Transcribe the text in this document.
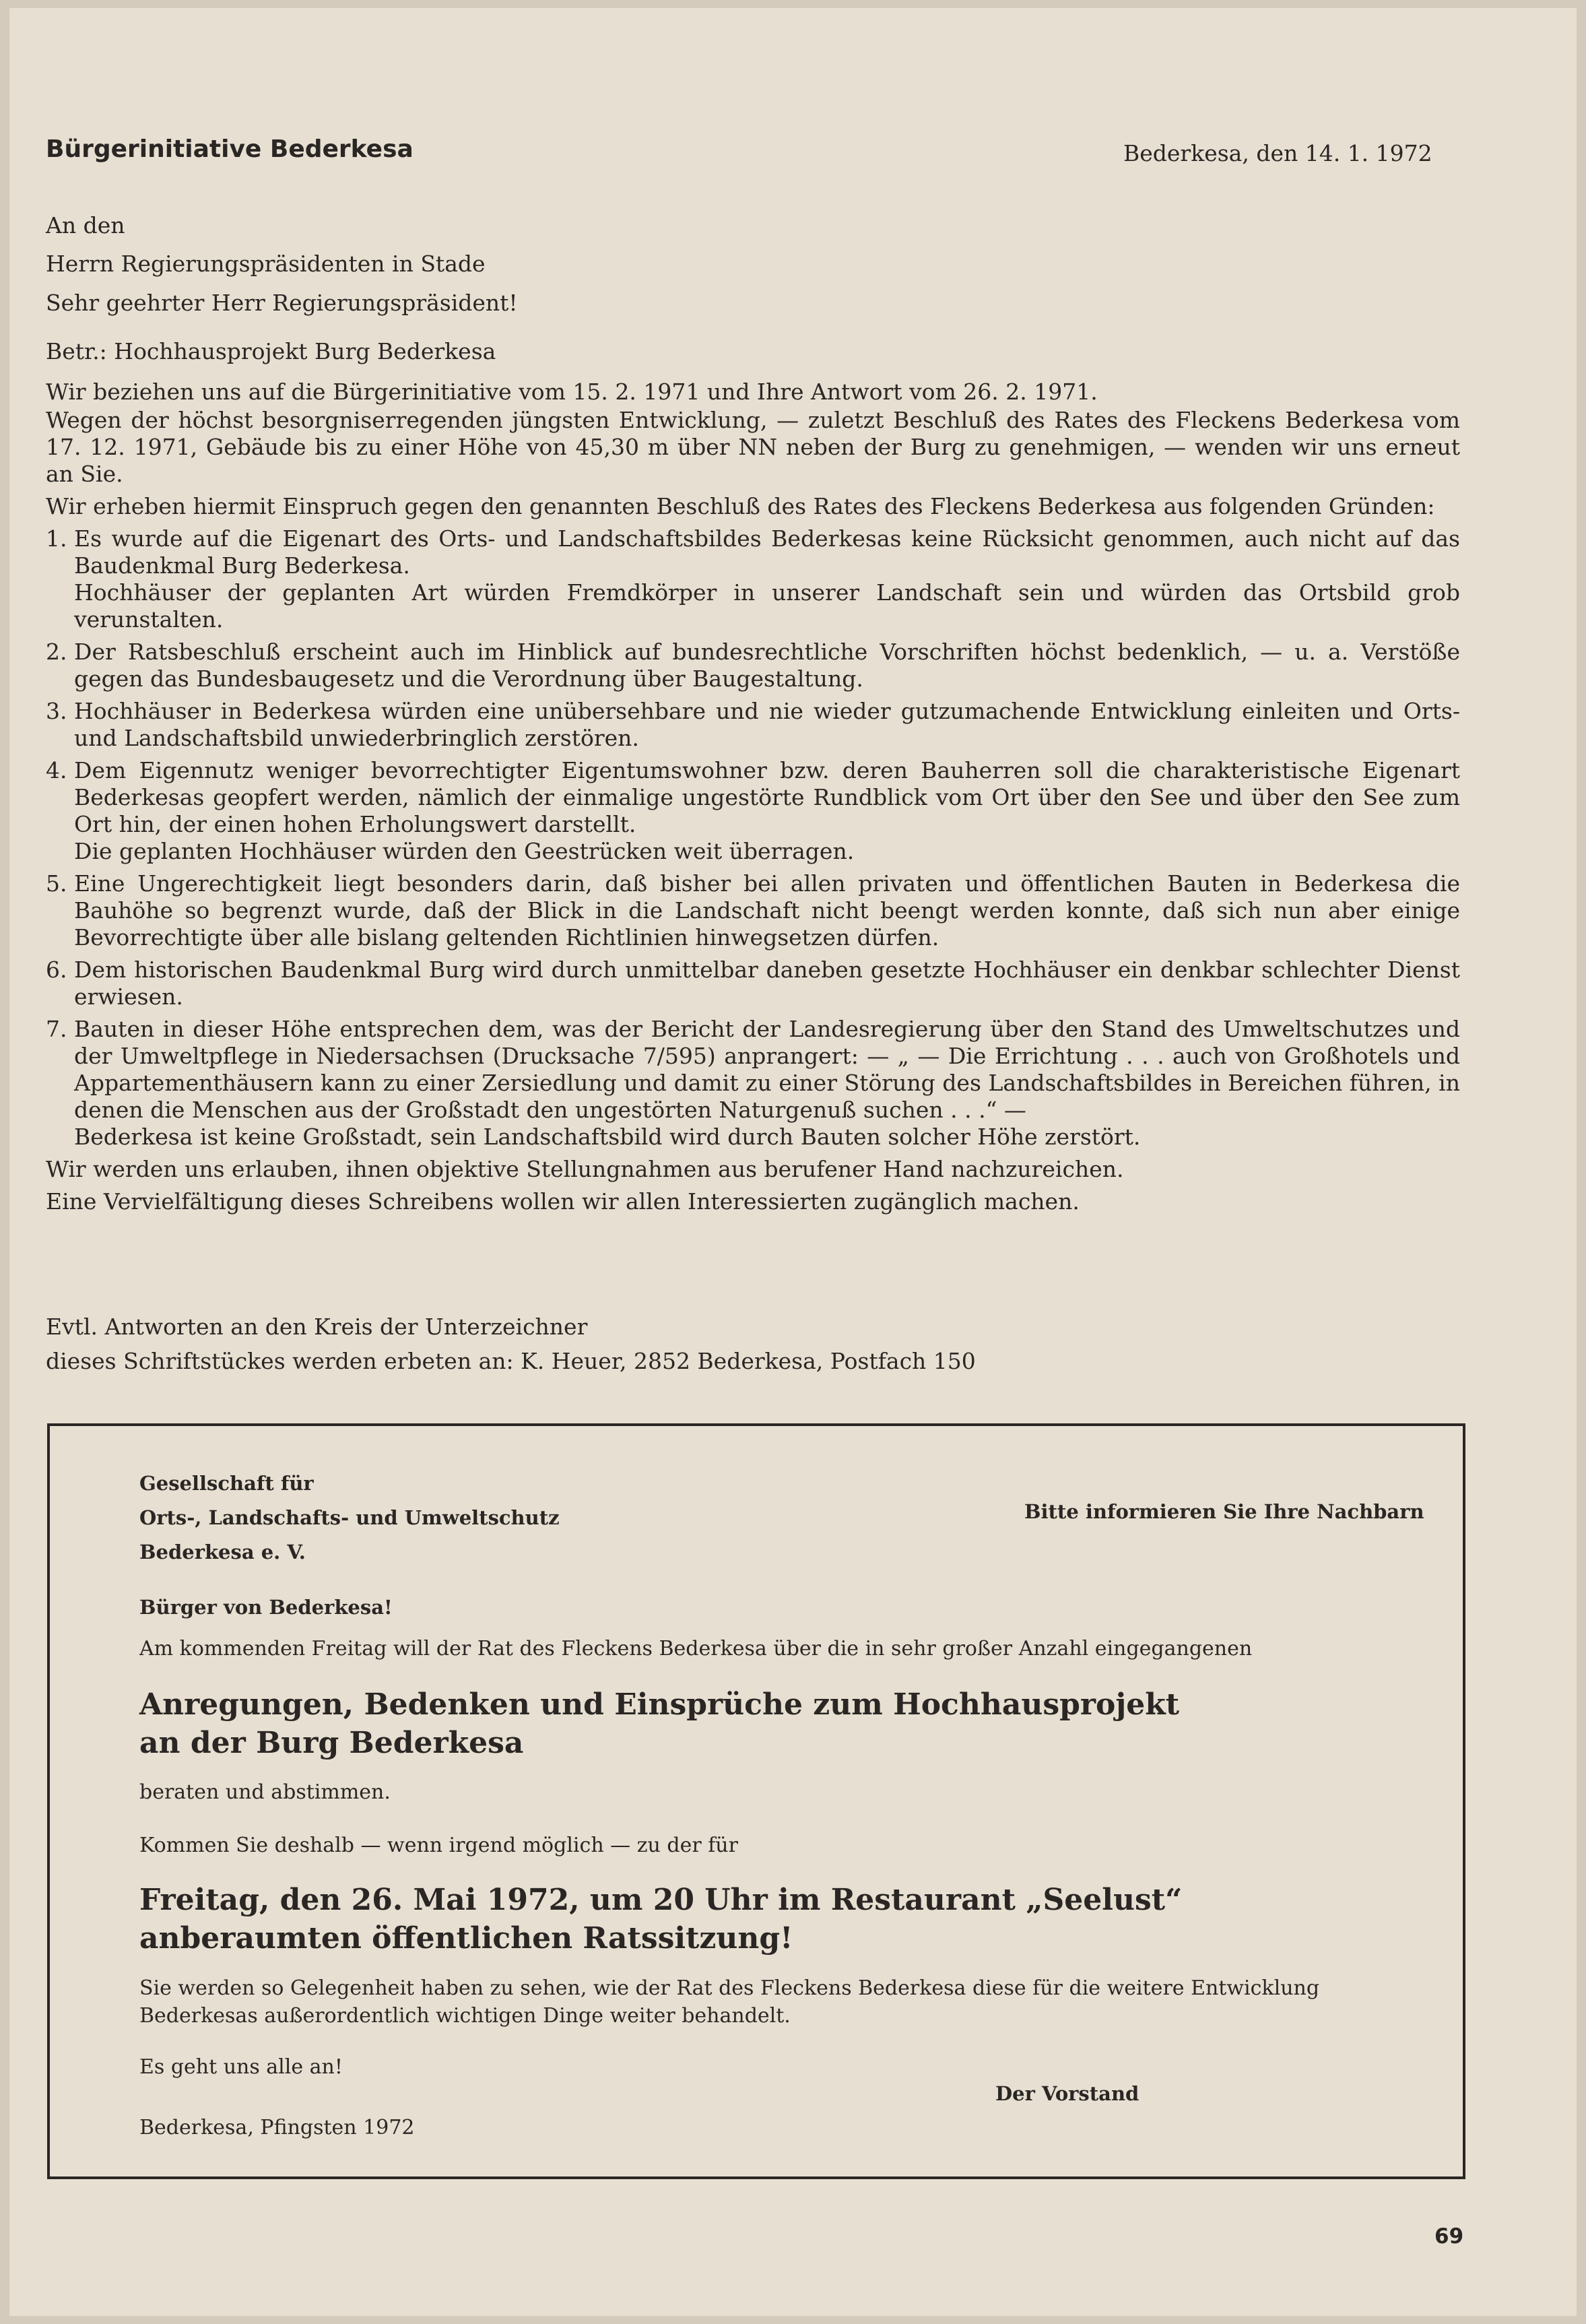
Bürgerinitiative Bederkesa	Bederkesa, den 14. 1. 1972
An den
Herrn Regierungspräsidenten in Stade
Sehr geehrter Herr Regierungspräsident!
Betr.: Hochhausprojekt Burg Bederkesa
Wir beziehen uns auf die Bürgerinitiative vom 15. 2. 1971 und Ihre Antwort vom 26. 2. 1971.

Wegen der höchst besorgniserregenden jüngsten Entwicklung, — zuletzt Beschluß des Rates des Fleckens Bederkesa vom 17. 12. 1971, Gebäude bis zu einer Höhe von 45,30 m über NN neben der Burg zu genehmigen, — wenden wir uns erneut an Sie.

Wir erheben hiermit Einspruch gegen den genannten Beschluß des Rates des Fleckens Bederkesa aus folgenden Gründen:

1. Es wurde auf die Eigenart des Orts- und Landschaftsbildes Bederkesas keine Rücksicht genommen, auch nicht auf das Baudenkmal Burg Bederkesa.
Hochhäuser der geplanten Art würden Fremdkörper in unserer Landschaft sein und würden das Ortsbild grob verunstalten.
2. Der Ratsbeschluß erscheint auch im Hinblick auf bundesrechtliche Vorschriften höchst bedenklich, — u. a. Verstöße gegen das Bundesbaugesetz und die Verordnung über Baugestaltung.
3. Hochhäuser in Bederkesa würden eine unübersehbare und nie wieder gutzumachende Entwicklung einleiten und Orts- und Landschaftsbild unwiederbringlich zerstören.
4. Dem Eigennutz weniger bevorrechtigter Eigentumswohner bzw. deren Bauherren soll die charakteristische Eigenart Bederkesas geopfert werden, nämlich der einmalige ungestörte Rundblick vom Ort über den See und über den See zum Ort hin, der einen hohen Erholungswert darstellt.
Die geplanten Hochhäuser würden den Geestrücken weit überragen.
5. Eine Ungerechtigkeit liegt besonders darin, daß bisher bei allen privaten und öffentlichen Bauten in Bederkesa die Bauhöhe so begrenzt wurde, daß der Blick in die Landschaft nicht beengt werden konnte, daß sich nun aber einige Bevorrechtigte über alle bislang geltenden Richtlinien hinwegsetzen dürfen.
6. Dem historischen Baudenkmal Burg wird durch unmittelbar daneben gesetzte Hochhäuser ein denkbar schlechter Dienst erwiesen.
7. Bauten in dieser Höhe entsprechen dem, was der Bericht der Landesregierung über den Stand des Umweltschutzes und der Umweltpflege in Niedersachsen (Drucksache 7/595) anprangert: — „ — Die Errichtung . . . auch von Großhotels und Appartementhäusern kann zu einer Zersiedlung und damit zu einer Störung des Landschaftsbildes in Bereichen führen, in denen die Menschen aus der Großstadt den ungestörten Naturgenuß suchen . . .“ —
Bederkesa ist keine Großstadt, sein Landschaftsbild wird durch Bauten solcher Höhe zerstört.

Wir werden uns erlauben, ihnen objektive Stellungnahmen aus berufener Hand nachzureichen.

Eine Vervielfältigung dieses Schreibens wollen wir allen Interessierten zugänglich machen.

Evtl. Antworten an den Kreis der Unterzeichner
dieses Schriftstückes werden erbeten an: K. Heuer, 2852 Bederkesa, Postfach 150
Gesellschaft für
Orts-, Landschafts- und Umweltschutz
Bederkesa e. V.
Bitte informieren Sie Ihre Nachbarn
Bürger von Bederkesa!
Am kommenden Freitag will der Rat des Fleckens Bederkesa über die in sehr großer Anzahl eingegangenen
Anregungen, Bedenken und Einsprüche zum Hochhausprojekt
an der Burg Bederkesa
beraten und abstimmen.
Kommen Sie deshalb — wenn irgend möglich — zu der für
Freitag, den 26. Mai 1972, um 20 Uhr im Restaurant „Seelust“
anberaumten öffentlichen Ratssitzung!
Sie werden so Gelegenheit haben zu sehen, wie der Rat des Fleckens Bederkesa diese für die weitere Entwicklung
Bederkesas außerordentlich wichtigen Dinge weiter behandelt.
Es geht uns alle an!
Der Vorstand
Bederkesa, Pfingsten 1972
69
